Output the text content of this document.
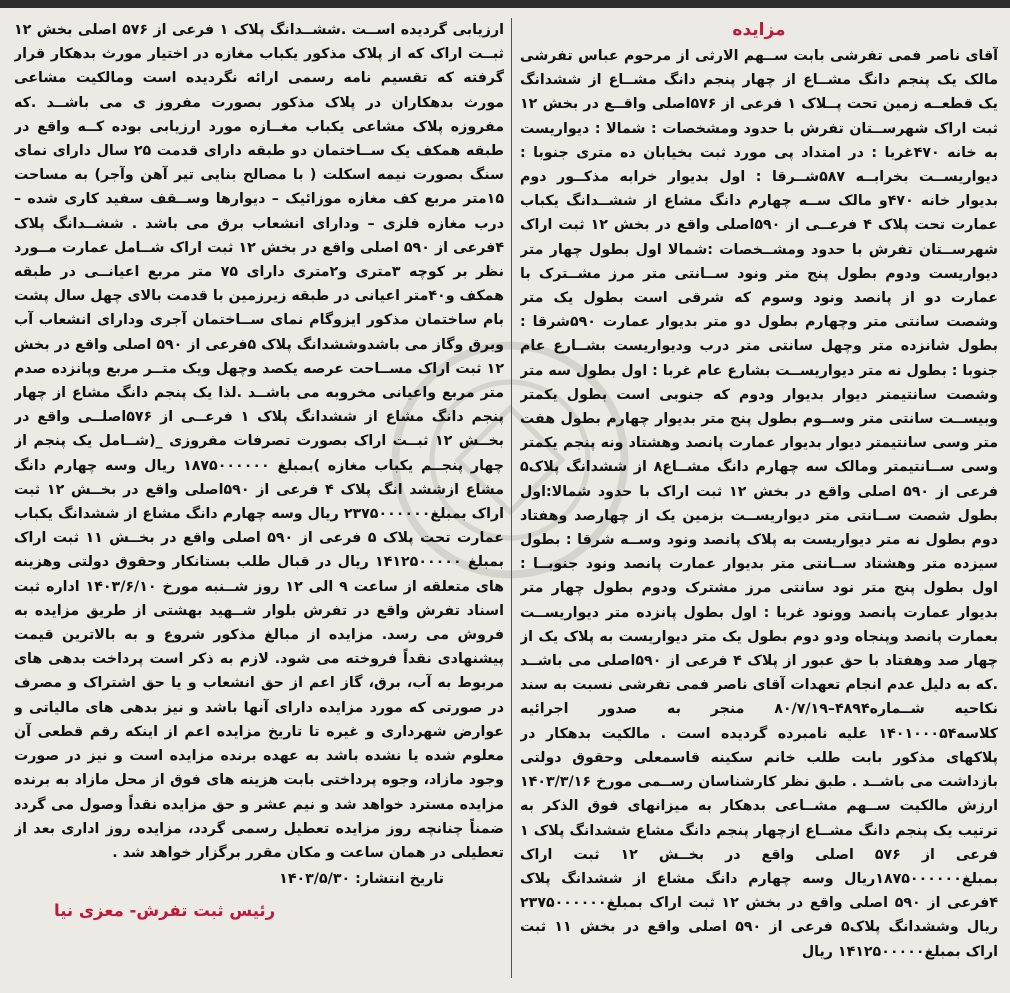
مزایده
آقای ناصر فمی تفرشی بابت ســهم الارثی از مرحوم عباس تفرشی مالک یک پنجم دانگ مشــاع از چهار پنجم دانگ مشــاع از ششدانگ یک قطعــه زمین تحت پــلاک ۱ فرعی از ۵۷۶اصلی واقــع در بخش ۱۲ ثبت اراک شهرســتان تفرش با حدود ومشخصات : شمالا : دیواریست به خانه ۴۷۰غربا : در امتداد پی مورد ثبت بخیابان ده متری جنوبا : دیواریســت بخرابــه ۵۸۷شــرقا : اول بدیوار خرابه مذکــور دوم بدیوار خانه ۴۷۰و مالک ســه چهارم دانگ مشاع از ششــدانگ یکباب عمارت تحت پلاک ۴ فرعــی از ۵۹۰اصلی واقع در بخش ۱۲ ثبت اراک شهرســتان تفرش با حدود ومشــخصات :شمالا اول بطول چهار متر دیواریست ودوم بطول پنج متر ونود ســانتی متر مرز مشــترک با عمارت دو از پانصد ونود وسوم که شرقی است بطول یک متر وشصت سانتی متر وچهارم بطول دو متر بدیوار عمارت ۵۹۰شرقا : بطول شانزده متر وچهل سانتی متر درب ودیواریست بشــارع عام جنوبا : بطول نه متر دیواریســت بشارع عام غربا : اول بطول سه متر وشصت سانتیمتر دیوار بدیوار ودوم که جنوبی است بطول یکمتر وبیســت سانتی متر وســوم بطول پنج متر بدیوار چهارم بطول هفت متر وسی سانتیمتر دیوار بدیوار عمارت پانصد وهشتاد ونه پنجم یکمتر وسی ســانتیمتر ومالک سه چهارم دانگ مشــاع۸ از ششدانگ پلاک۵ فرعی از ۵۹۰ اصلی واقع در بخش ۱۲ ثبت اراک با حدود شمالا:اول بطول شصت ســانتی متر دیواریســت بزمین یک از چهارصد وهفتاد دوم بطول نه متر دیواریست به پلاک پانصد ونود وســه شرقا : بطول سیزده متر وهشتاد ســانتی متر بدیوار عمارت پانصد ونود جنوبــا : اول بطول پنج متر نود سانتی مرز مشترک ودوم بطول چهار متر بدیوار عمارت پانصد وونود غربا : اول بطول پانزده متر دیواریســت بعمارت پانصد وپنجاه ودو دوم بطول یک متر دیواریست به پلاک یک از چهار صد وهفتاد با حق عبور از پلاک ۴ فرعی از ۵۹۰اصلی می باشــد .که به دلیل عدم انجام تعهدات آقای ناصر فمی تفرشی نسبت به سند نکاحیه شــماره۴۸۹۴–۸۰/۷/۱۹ منجر به صدور اجرائیه کلاسه۱۴۰۱۰۰۰۵۴ علیه نامبرده گردیده است . مالکیت بدهکار در پلاکهای مذکور بابت طلب خانم سکینه قاسمعلی وحقوق دولتی بازداشت می باشــد . طبق نظر کارشناسان رســمی مورخ ۱۴۰۳/۳/۱۶ ارزش مالکیت ســهم مشــاعی بدهکار به میزانهای فوق الذکر به ترتیب یک پنجم دانگ مشــاع ازچهار پنجم دانگ مشاع ششدانگ پلاک ۱ فرعی از ۵۷۶ اصلی واقع در بخــش ۱۲ ثبت اراک بمبلغ۱۸۷۵۰۰۰۰۰۰ریال وسه چهارم دانگ مشاع از ششدانگ پلاک ۴فرعی از ۵۹۰ اصلی واقع در بخش ۱۲ ثبت اراک بمبلغ۲۳۷۵۰۰۰۰۰۰ ریال وششدانگ پلاک۵ فرعی از ۵۹۰ اصلی واقع در بخش ۱۱ ثبت اراک بمبلغ۱۴۱۲۵۰۰۰۰۰ ریال
ارزیابی گردیده اســت .ششــدانگ پلاک ۱ فرعی از ۵۷۶ اصلی بخش ۱۲ ثبــت اراک که از پلاک مذکور یکباب مغازه در اختیار مورث بدهکار قرار گرفته که تقسیم نامه رسمی ارائه نگردیده است ومالکیت مشاعی مورث بدهکاران در پلاک مذکور بصورت مفروز ی می باشــد .که مفروزه پلاک مشاعی یکباب مغــازه مورد ارزیابی بوده کــه واقع در طبقه همکف یک ســاختمان دو طبقه دارای قدمت ۲۵ سال دارای نمای سنگ بصورت نیمه اسکلت ( با مصالح بنایی تیر آهن وآجر) به مساحت ۱۵متر مربع کف مغازه موزائیک – دیوارها وســقف سفید کاری شده – درب مغازه فلزی – ودارای انشعاب برق می باشد . ششــدانگ پلاک ۴فرعی از ۵۹۰ اصلی واقع در بخش ۱۲ ثبت اراک شــامل عمارت مــورد نظر بر کوچه ۳متری و۲متری دارای ۷۵ متر مربع اعیانــی در طبقه همکف و۴۰متر اعیانی در طبقه زیرزمین با قدمت بالای چهل سال پشت بام ساختمان مذکور ایزوگام نمای ســاختمان آجری ودارای انشعاب آب وبرق وگاز می باشدوششدانگ پلاک ۵فرعی از ۵۹۰ اصلی واقع در بخش ۱۲ ثبت اراک مســاحت عرصه یکصد وچهل ویک متــر مربع وپانزده صدم متر مربع واعیانی مخروبه می باشــد .لذا یک پنجم دانگ مشاع از چهار پنجم دانگ مشاع از ششدانگ پلاک ۱ فرعــی از ۵۷۶اصلــی واقع در بخــش ۱۲ ثبــت اراک بصورت تصرفات مفروزی _(شــامل یک پنجم از چهار پنجــم یکباب مغازه )بمبلغ ۱۸۷۵۰۰۰۰۰۰ ریال وسه چهارم دانگ مشاع ازششد انگ پلاک ۴ فرعی از ۵۹۰اصلی واقع در بخــش ۱۲ ثبت اراک بمبلغ۲۳۷۵۰۰۰۰۰۰ ریال وسه چهارم دانگ مشاع از ششدانگ یکباب عمارت تحت پلاک ۵ فرعی از ۵۹۰ اصلی واقع در بخــش ۱۱ ثبت اراک بمبلغ ۱۴۱۲۵۰۰۰۰۰ ریال در قبال طلب بستانکار وحقوق دولتی وهزینه های متعلقه از ساعت ۹ الی ۱۲ روز شــنبه مورخ ۱۴۰۳/۶/۱۰ اداره ثبت اسناد تفرش واقع در تفرش بلوار شــهید بهشتی از طریق مزایده به فروش می رسد. مزایده از مبالغ مذکور شروع و به بالاترین قیمت پیشنهادی نقداً فروخته می شود. لازم به ذکر است پرداخت بدهی های مربوط به آب، برق، گاز اعم از حق انشعاب و یا حق اشتراک و مصرف در صورتی که مورد مزایده دارای آنها باشد و نیز بدهی های مالیاتی و عوارض شهرداری و غیره تا تاریخ مزایده اعم از اینکه رقم قطعی آن معلوم شده یا نشده باشد به عهده برنده مزایده است و نیز در صورت وجود مازاد، وجوه پرداختی بابت هزینه های فوق از محل مازاد به برنده مزایده مسترد خواهد شد و نیم عشر و حق مزایده نقداً وصول می گردد ضمناً چنانچه روز مزایده تعطیل رسمی گردد، مزایده روز اداری بعد از تعطیلی در همان ساعت و مکان مقرر برگزار خواهد شد .
تاریخ انتشار: ۱۴۰۳/۵/۳۰
رئیس ثبت تفرش- معزی نیا
